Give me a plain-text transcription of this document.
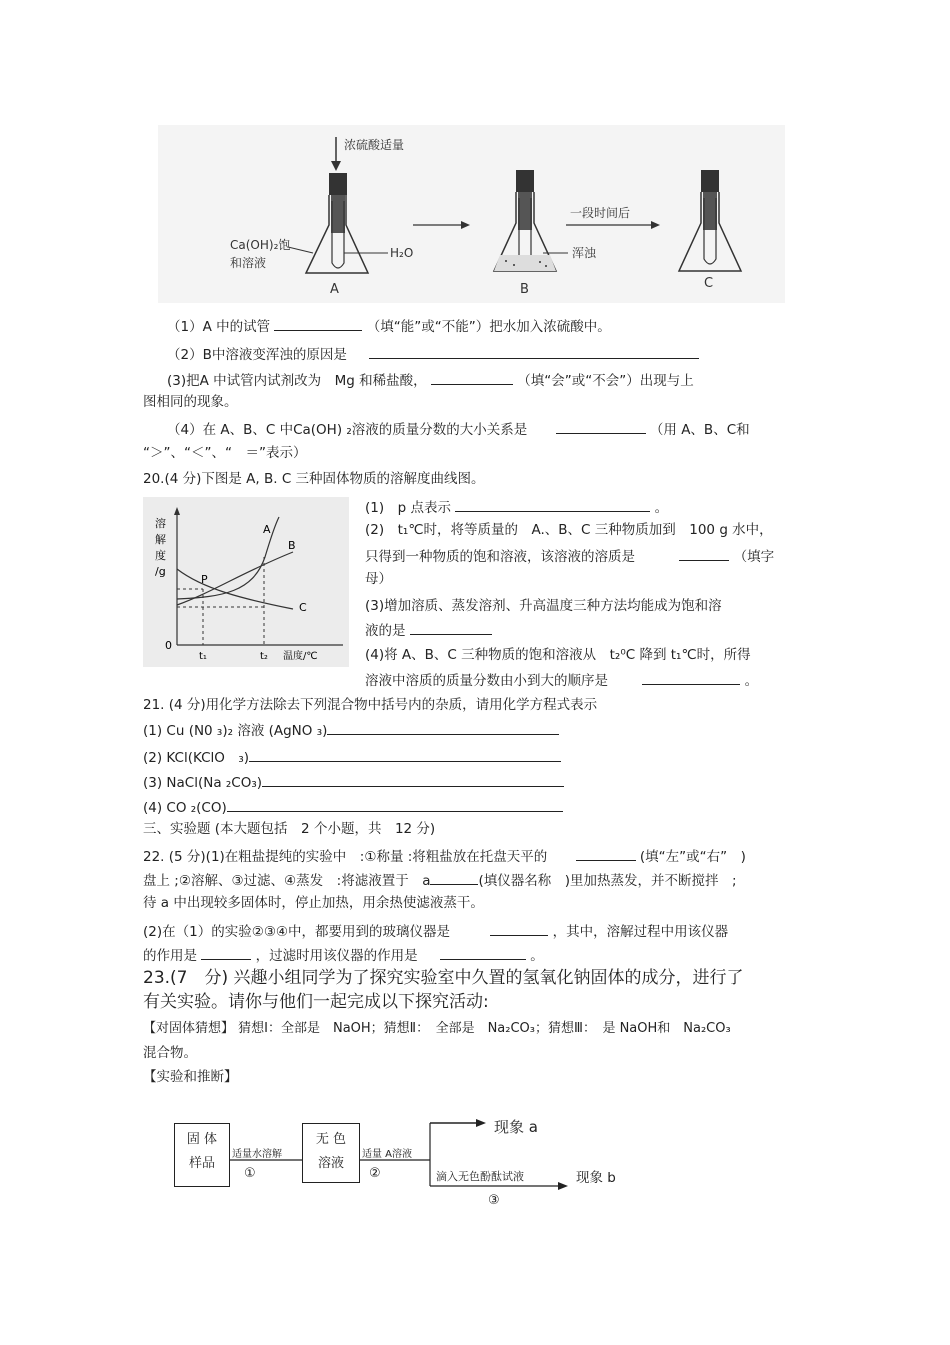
浓硫酸适量
Ca(OH)₂饱
和溶液
H₂O
A
浑浊
B
一段时间后
C
（1）A 中的试管	（填“能”或“不能”）把水加入浓硫酸中。
（2）B中溶液变浑浊的原因是
(3)把A 中试管内试剂改为　Mg 和稀盐酸，	（填“会”或“不会”）出现与上
图相同的现象。
（4）在 A、B、C 中Ca(OH) ₂溶液的质量分数的大小关系是	（用 A、B、C和
“＞”、“＜”、“　＝”表示）
20.(4 分)下图是 A, B. C 三种固体物质的溶解度曲线图。
溶
解
度
/g
P
A
B
C
0
t₁	t₂ 温度/℃
(1)　p 点表示	。
(2)　t₁℃时，将等质量的　A.、B、C 三种物质加到　100 g 水中，
只得到一种物质的饱和溶液，该溶液的溶质是	（填字
母）
(3)增加溶质、蒸发溶剂、升高温度三种方法均能成为饱和溶
液的是
(4)将 A、B、C 三种物质的饱和溶液从　t₂⁰C 降到 t₁℃时，所得
溶液中溶质的质量分数由小到大的顺序是	。
21. (4 分)用化学方法除去下列混合物中括号内的杂质，请用化学方程式表示
(1) Cu (N0 ₃)₂ 溶液 (AgNO ₃)
(2) KCl(KClO　₃)
(3) NaCl(Na ₂CO₃)
(4) CO ₂(CO)
三、实验题 (本大题包括　2 个小题，共　12 分)
22. (5 分)(1)在粗盐提纯的实验中　:①称量 :将粗盐放在托盘天平的	(填“左”或“右”　)
盘上 ;②溶解、③过滤、④蒸发　:将滤液置于　a	(填仪器名称　)里加热蒸发，并不断搅拌　;
待 a 中出现较多固体时，停止加热，用余热使滤液蒸干。
(2)在（1）的实验②③④中，都要用到的玻璃仪器是	，其中，溶解过程中用该仪器
的作用是	，过滤时用该仪器的作用是	。
23.(7　分) 兴趣小组同学为了探究实验室中久置的氢氧化钠固体的成分，进行了
有关实验。请你与他们一起完成以下探究活动:
【对固体猜想】 猜想Ⅰ：全部是　NaOH；猜想Ⅱ：　全部是　Na₂CO₃；猜想Ⅲ：　是 NaOH和　Na₂CO₃
混合物。
【实验和推断】
固 体
样品
无 色
溶液
适量水溶解
①
适量 A溶液
②
现象 a
滴入无色酚酞试液	现象 b
③
